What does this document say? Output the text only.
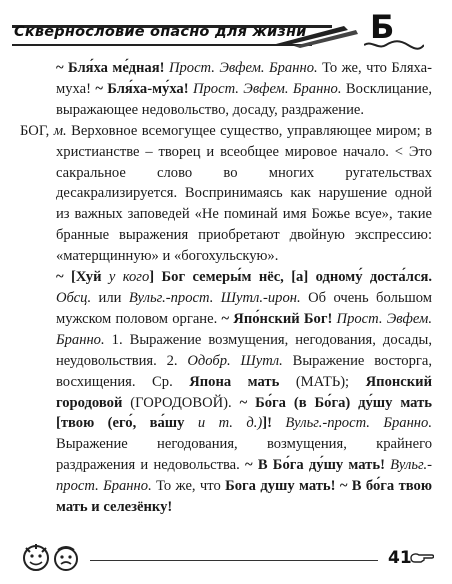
Сквернословие опасно для жизни Б

~ Бля́ха ме́дная! Прост. Эвфем. Бранно. То же, что Бляха-муха! ~ Бля́ха-му́ха! Прост. Эвфем. Бранно. Восклицание, выражающее недовольство, досаду, раздражение.

БОГ, м. Верховное всемогущее существо, управляющее миром; в христианстве – творец и всеобщее мировое начало. < Это сакральное слово во многих ругательствах десакрализируется. Воспринимаясь как нарушение одной из важных заповедей «Не поминай имя Божье всуе», такие бранные выражения приобретают двойную экспрессию: «матерщинную» и «богохульскую».

~ [Хуй у кого] Бог семеры́м нёс, [а] одному́ доста́лся. Обсц. или Вульг.-прост. Шутл.-ирон. Об очень большом мужском половом органе. ~ Япо́нский Бог! Прост. Эвфем. Бранно. 1. Выражение возмущения, негодования, досады, неудовольствия. 2. Одобр. Шутл. Выражение восторга, восхищения. Ср. Япона мать (МАТЬ); Японский городовой (ГОРОДОВОЙ). ~ Бо́га (в Бо́га) ду́шу мать [твою (его́, ва́шу и т. д.)]! Вульг.-прост. Бранно. Выражение негодования, возмущения, крайнего раздражения и недовольства. ~ В Бо́га ду́шу мать! Вульг.-прост. Бранно. То же, что Бога душу мать! ~ В бо́га твою мать и селезёнку!

41
